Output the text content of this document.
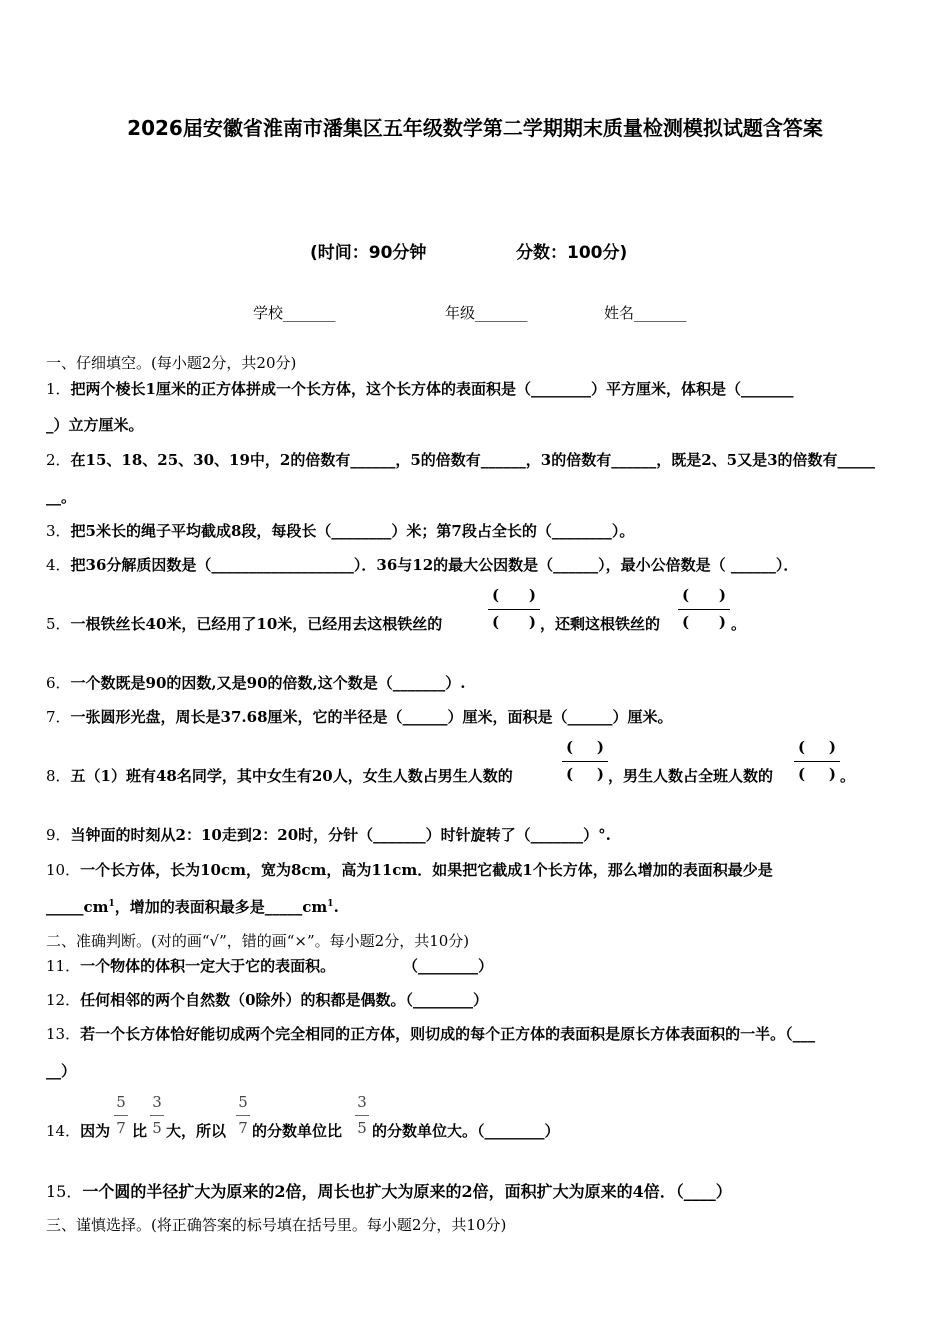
2026届安徽省淮南市潘集区五年级数学第二学期期末质量检测模拟试题含答案
(时间：90分钟	分数：100分)
学校_______	年级_______	姓名_______
一、仔细填空。(每小题2分，共20分)
1．把两个棱长1厘米的正方体拼成一个长方体，这个长方体的表面积是（________）平方厘米，体积是（_______
_）立方厘米。
2．在15、18、25、30、19中，2的倍数有______，5的倍数有______，3的倍数有______，既是2、5又是3的倍数有_____
__。
3．把5米长的绳子平均截成8段，每段长（________）米；第7段占全长的（________）。
4．把36分解质因数是（___________________）．36与12的最大公因数是（______），最小公倍数是（ ______）．
5．一根铁丝长40米，已经用了10米，已经用去这根铁丝的
( )
( ) ，还剩这根铁丝的
( )
( ) 。
6．一个数既是90的因数,又是90的倍数,这个数是（_______）.
7．一张圆形光盘，周长是37.68厘米，它的半径是（______）厘米，面积是（______）厘米。
8．五（1）班有48名同学，其中女生有20人，女生人数占男生人数的
( )
( ) ，男生人数占全班人数的
( )
( ) 。
9．当钟面的时刻从2：10走到2：20时，分针（_______）时针旋转了（_______）°.
10．一个长方体，长为10cm，宽为8cm，高为11cm．如果把它截成1个长方体，那么增加的表面积最少是
$\_\_\_\_\_cm^1$，增加的表面积最多是$\_\_\_\_\_cm^1$.
二、准确判断。(对的画“√”，错的画“×”。每小题2分，共10分)
11．一个物体的体积一定大于它的表面积。             （________）
12．任何相邻的两个自然数（0除外）的积都是偶数。（________）
13．若一个长方体恰好能切成两个完全相同的正方体，则切成的每个正方体的表面积是原长方体表面积的一半。（___
__）
14．因为
5
7 比
3
5 大，所以
5
7 的分数单位比
3
5 的分数单位大。（________）
15．一个圆的半径扩大为原来的2倍，周长也扩大为原来的2倍，面积扩大为原来的4倍．（____）
三、谨慎选择。(将正确答案的标号填在括号里。每小题2分，共10分)
